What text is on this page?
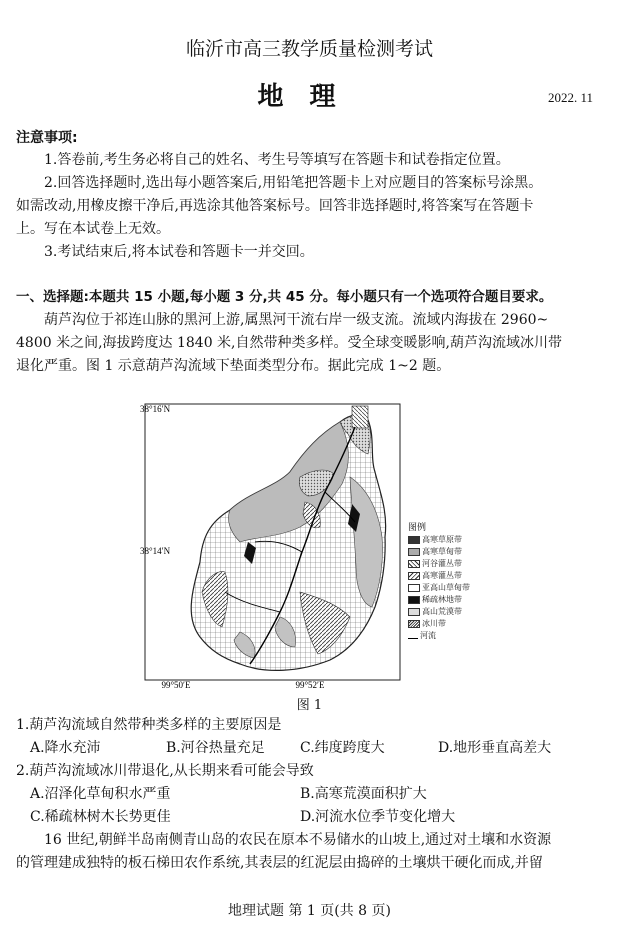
临沂市高三教学质量检测考试
地理	2022. 11
注意事项:
1.答卷前,考生务必将自己的姓名、考生号等填写在答题卡和试卷指定位置。
2.回答选择题时,选出每小题答案后,用铅笔把答题卡上对应题目的答案标号涂黑。
如需改动,用橡皮擦干净后,再选涂其他答案标号。回答非选择题时,将答案写在答题卡
上。写在本试卷上无效。
3.考试结束后,将本试卷和答题卡一并交回。
一、选择题:本题共 15 小题,每小题 3 分,共 45 分。每小题只有一个选项符合题目要求。
葫芦沟位于祁连山脉的黑河上游,属黑河干流右岸一级支流。流域内海拔在 2960~
4800 米之间,海拔跨度达 1840 米,自然带种类多样。受全球变暖影响,葫芦沟流域冰川带
退化严重。图 1 示意葫芦沟流域下垫面类型分布。据此完成 1~2 题。
38°16′N
38°14′N
99°50′E	99°52′E
图例
高寒草原带
高寒草甸带
河谷灌丛带
高寒灌丛带
亚高山草甸带
稀疏林地带
高山荒漠带
冰川带
河流
图 1
1.葫芦沟流域自然带种类多样的主要原因是
A.降水充沛	B.河谷热量充足	C.纬度跨度大	D.地形垂直高差大
2.葫芦沟流域冰川带退化,从长期来看可能会导致
A.沼泽化草甸积水严重	B.高寒荒漠面积扩大
C.稀疏林树木长势更佳	D.河流水位季节变化增大
16 世纪,朝鲜半岛南侧青山岛的农民在原本不易储水的山坡上,通过对土壤和水资源
的管理建成独特的板石梯田农作系统,其表层的红泥层由捣碎的土壤烘干硬化而成,并留
地理试题 第 1 页(共 8 页)
